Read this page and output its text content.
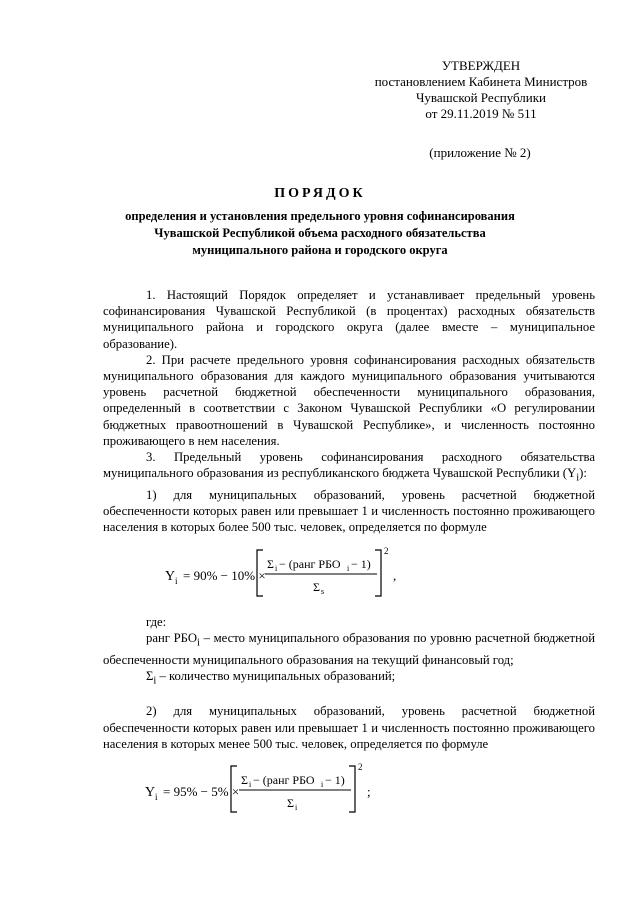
УТВЕРЖДЕН
постановлением Кабинета Министров
Чувашской Республики
от 29.11.2019 № 511
(приложение № 2)
ПОРЯДОК
определения и установления предельного уровня софинансирования
Чувашской Республикой объема расходного обязательства
муниципального района и городского округа

1. Настоящий Порядок определяет и устанавливает предельный уровень софинансирования Чувашской Республикой (в процентах) расходных обязательств муниципального района и городского округа (далее вместе – муниципальное образование).

2. При расчете предельного уровня софинансирования расходных обязательств муниципального образования для каждого муниципального образования учитываются уровень расчетной бюджетной обеспеченности муниципального образования, определенный в соответствии с Законом Чувашской Республики «О регулировании бюджетных правоотношений в Чувашской Республике», и численность постоянно проживающего в нем населения.

3. Предельный уровень софинансирования расходного обязательства муниципального образования из республиканского бюджета Чувашской Республики $(Y_i)$:

1) для муниципальных образований, уровень расчетной бюджетной обеспеченности которых равен или превышает 1 и численность постоянно проживающего населения в которых более 500 тыс. человек, определяется по формуле

Y i = 90% − 10% ×
Σ i − (ранг РБО i − 1)
Σ s
2
,

где:

ранг $РБО_i$ – место муниципального образования по уровню расчетной бюджетной обеспеченности муниципального образования на текущий финансовый год;

$\Sigma_i$ – количество муниципальных образований;

2) для муниципальных образований, уровень расчетной бюджетной обеспеченности которых равен или превышает 1 и численность постоянно проживающего населения в которых менее 500 тыс. человек, определяется по формуле

Y i = 95% − 5% ×
Σ i − (ранг РБО i − 1)
Σ i
2
;
